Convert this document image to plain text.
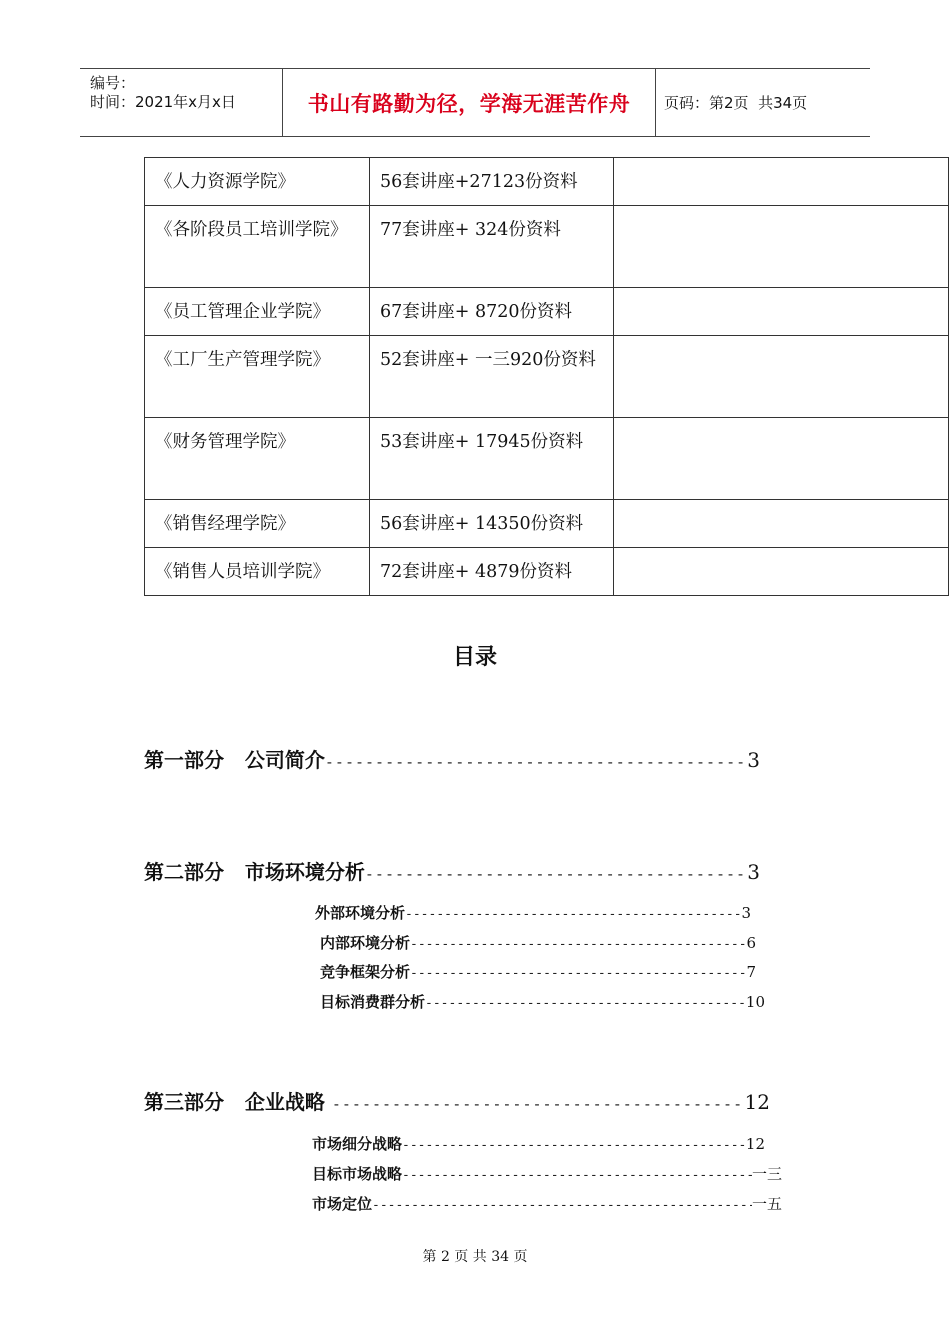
编号：
时间：2021年x月x日	书山有路勤为径，学海无涯苦作舟 页码：第2页  共34页
《人力资源学院》	56套讲座+27123份资料	
《各阶段员工培训学院》	77套讲座+ 324份资料	
《员工管理企业学院》	67套讲座+ 8720份资料	
《工厂生产管理学院》	52套讲座+ 一三920份资料	
《财务管理学院》	53套讲座+ 17945份资料	
《销售经理学院》	56套讲座+ 14350份资料	
《销售人员培训学院》	72套讲座+ 4879份资料	
目录
第一部分   公司简介 -----	3
第二部分   市场环境分析 -----	3
外部环境分析 -----	3
内部环境分析 -----	6
竞争框架分析 -----	7
目标消费群分析 -----	10
第三部分   企业战略 -----	12
市场细分战略 -----	12
目标市场战略 -----	一三
市场定位 -----	一五
第 2 页 共 34 页
